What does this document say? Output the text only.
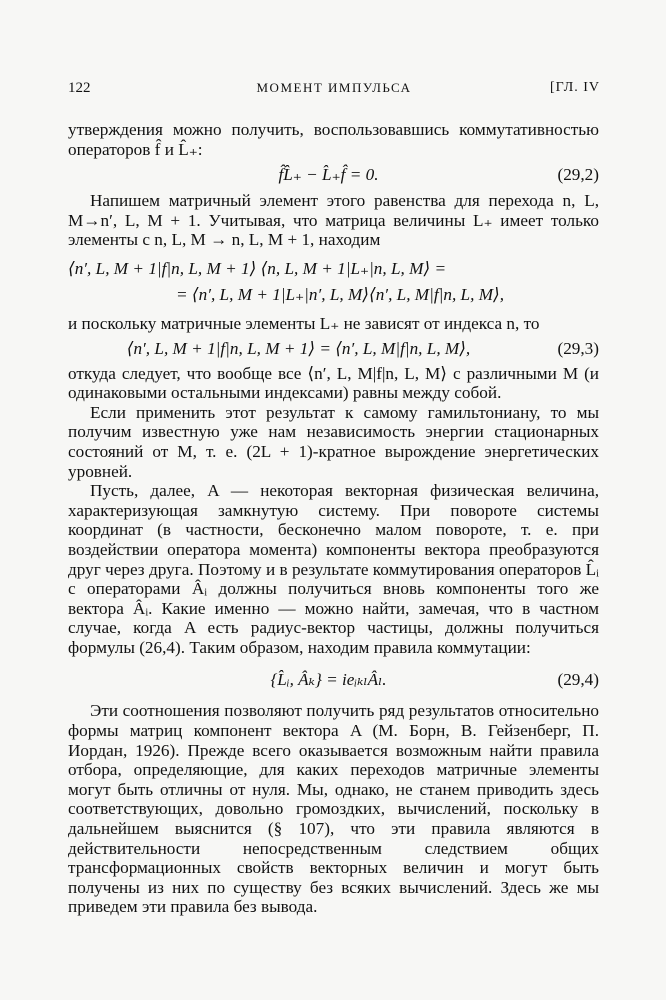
122	МОМЕНТ ИМПУЛЬСА	[ГЛ. IV

утверждения можно получить, воспользовавшись коммутативностью операторов f̂ и L̂₊:

f̂L̂₊ − L̂₊f̂ = 0.	(29,2)

Напишем матричный элемент этого равенства для перехода n, L, M→n′, L, M + 1. Учитывая, что матрица величины L₊ имеет только элементы с n, L, M → n, L, M + 1, находим

⟨n′, L, M + 1|f|n, L, M + 1⟩ ⟨n, L, M + 1|L₊|n, L, M⟩ =
= ⟨n′, L, M + 1|L₊|n′, L, M⟩⟨n′, L, M|f|n, L, M⟩,

и поскольку матричные элементы L₊ не зависят от индекса n, то

⟨n′, L, M + 1|f|n, L, M + 1⟩ = ⟨n′, L, M|f|n, L, M⟩,	(29,3)

откуда следует, что вообще все ⟨n′, L, M|f|n, L, M⟩ с различными M (и одинаковыми остальными индексами) равны между собой.

Если применить этот результат к самому гамильтониану, то мы получим известную уже нам независимость энергии стационарных состояний от M, т. е. (2L + 1)-кратное вырождение энергетических уровней.

Пусть, далее, A — некоторая векторная физическая величина, характеризующая замкнутую систему. При повороте системы координат (в частности, бесконечно малом повороте, т. е. при воздействии оператора момента) компоненты вектора преобразуются друг через друга. Поэтому и в результате коммутирования операторов L̂ᵢ с операторами Âᵢ должны получиться вновь компоненты того же вектора Âᵢ. Какие именно — можно найти, замечая, что в частном случае, когда A есть радиус-вектор частицы, должны получиться формулы (26,4). Таким образом, находим правила коммутации:

{L̂ᵢ, Âₖ} = ieᵢₖₗÂₗ.	(29,4)

Эти соотношения позволяют получить ряд результатов относительно формы матриц компонент вектора A (М. Борн, В. Гейзенберг, П. Иордан, 1926). Прежде всего оказывается возможным найти правила отбора, определяющие, для каких переходов матричные элементы могут быть отличны от нуля. Мы, однако, не станем приводить здесь соответствующих, довольно громоздких, вычислений, поскольку в дальнейшем выяснится (§ 107), что эти правила являются в действительности непосредственным следствием общих трансформационных свойств векторных величин и могут быть получены из них по существу без всяких вычислений. Здесь же мы приведем эти правила без вывода.
